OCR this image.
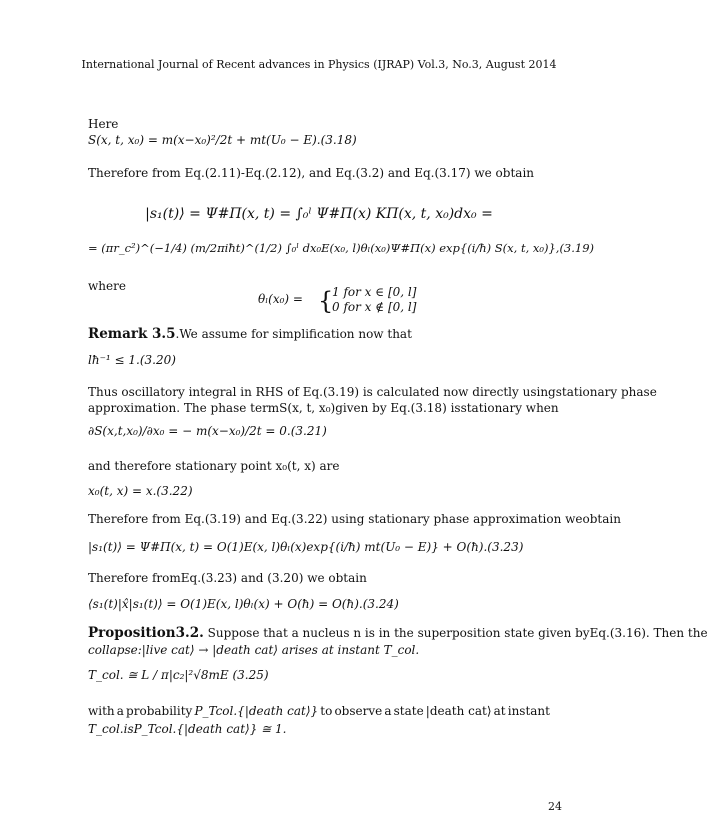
International Journal of Recent advances in Physics (IJRAP) Vol.3, No.3, August 2014
Here
S(x, t, x₀) = m(x−x₀)²/2t + mt(U₀ − E).(3.18)
Therefore from Eq.(2.11)-Eq.(2.12), and Eq.(3.2) and Eq.(3.17) we obtain
|s₁(t)⟩ = Ψ#Π(x, t) = ∫₀ˡ Ψ#Π(x) KΠ(x, t, x₀)dx₀ =
= (πr_c²)^(−1/4) (m/2πiħt)^(1/2) ∫₀ˡ dx₀E(x₀, l)θₗ(x₀)Ψ#Π(x) exp{(i/ħ) S(x, t, x₀)},(3.19)
where
θₗ(x₀) = {
1 for x ∈ [0, l]
0 for x ∉ [0, l]
Remark 3.5.We assume for simplification now that
lħ⁻¹ ≤ 1.(3.20)
Thus oscillatory integral in RHS of Eq.(3.19) is calculated now directly usingstationary phase
approximation. The phase termS(x, t, x₀)given by Eq.(3.18) isstationary when
∂S(x,t,x₀)/∂x₀ = − m(x−x₀)/2t = 0.(3.21)
and therefore stationary point x₀(t, x) are
x₀(t, x) = x.(3.22)
Therefore from Eq.(3.19) and Eq.(3.22) using stationary phase approximation weobtain
|s₁(t)⟩ = Ψ#Π(x, t) = O(1)E(x, l)θₗ(x)exp{(i/ħ) mt(U₀ − E)} + O(ħ).(3.23)
Therefore fromEq.(3.23) and (3.20) we obtain
⟨s₁(t)|x̂|s₁(t)⟩ = O(1)E(x, l)θₗ(x) + O(ħ) = O(ħ).(3.24)
Proposition3.2. Suppose that a nucleus n is in the superposition state given byEq.(3.16). Then the
collapse:|live cat⟩ → |death cat⟩ arises at instant T_col.
T_col. ≅ L / π|c₂|²√8mE (3.25)
with a probability P_Tcol.{|death cat⟩} to observe a state |death cat⟩ at instant
T_col.isP_Tcol.{|death cat⟩} ≅ 1.
24
